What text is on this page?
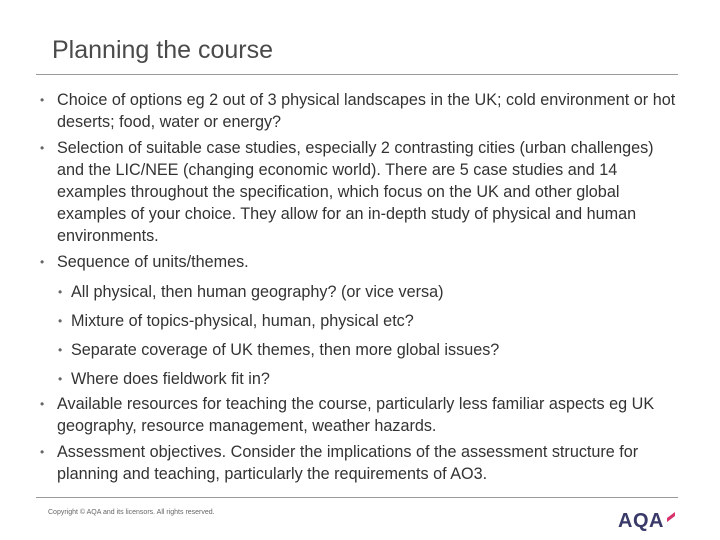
Planning the course
• Choice of options eg 2 out of 3 physical landscapes in the UK; cold environment or hot deserts; food, water or energy?
• Selection of suitable case studies, especially 2 contrasting cities (urban challenges) and the LIC/NEE (changing economic world). There are 5 case studies and 14 examples throughout the specification, which focus on the UK and other global examples of your choice. They allow for an in-depth study of physical and human environments.
• Sequence of units/themes.
• All physical, then human geography? (or vice versa)
• Mixture of topics-physical, human, physical etc?
• Separate coverage of UK themes, then more global issues?
• Where does fieldwork fit in?
• Available resources for teaching the course, particularly less familiar aspects eg UK geography, resource management, weather hazards.
• Assessment objectives. Consider the implications of the assessment structure for planning and teaching, particularly the requirements of AO3.
Copyright © AQA and its licensors. All rights reserved.	AQA
